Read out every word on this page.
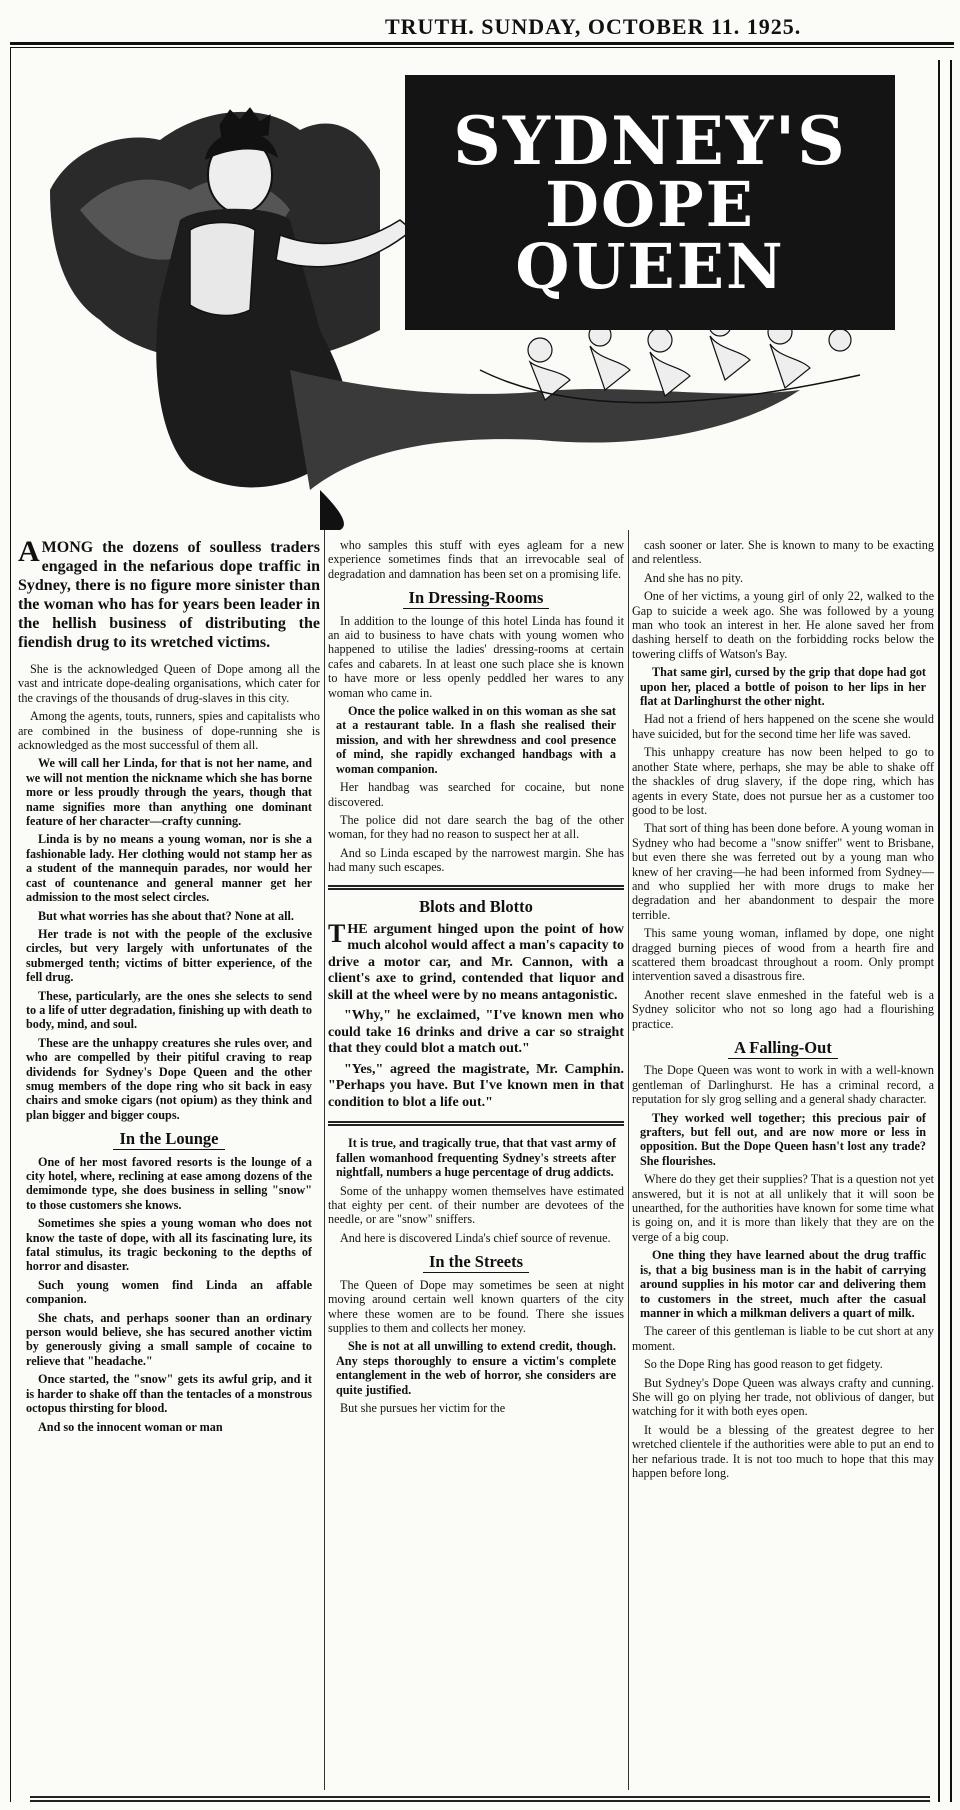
TRUTH. SUNDAY, OCTOBER 11. 1925.
SYDNEY'S
DOPE
QUEEN

AMONG the dozens of soulless traders engaged in the nefarious dope traffic in Sydney, there is no figure more sinister than the woman who has for years been leader in the hellish business of distributing the fiendish drug to its wretched victims.

She is the acknowledged Queen of Dope among all the vast and intricate dope-dealing organisations, which cater for the cravings of the thousands of drug-slaves in this city.

Among the agents, touts, runners, spies and capitalists who are combined in the business of dope-running she is acknowledged as the most successful of them all.

We will call her Linda, for that is not her name, and we will not mention the nickname which she has borne more or less proudly through the years, though that name signifies more than anything one dominant feature of her character—crafty cunning.

Linda is by no means a young woman, nor is she a fashionable lady. Her clothing would not stamp her as a student of the mannequin parades, nor would her cast of countenance and general manner get her admission to the most select circles.

But what worries has she about that? None at all.

Her trade is not with the people of the exclusive circles, but very largely with unfortunates of the submerged tenth; victims of bitter experience, of the fell drug.

These, particularly, are the ones she selects to send to a life of utter degradation, finishing up with death to body, mind, and soul.

These are the unhappy creatures she rules over, and who are compelled by their pitiful craving to reap dividends for Sydney's Dope Queen and the other smug members of the dope ring who sit back in easy chairs and smoke cigars (not opium) as they think and plan bigger and bigger coups.

In the Lounge

One of her most favored resorts is the lounge of a city hotel, where, reclining at ease among dozens of the demimonde type, she does business in selling "snow" to those customers she knows.

Sometimes she spies a young woman who does not know the taste of dope, with all its fascinating lure, its fatal stimulus, its tragic beckoning to the depths of horror and disaster.

Such young women find Linda an affable companion.

She chats, and perhaps sooner than an ordinary person would believe, she has secured another victim by generously giving a small sample of cocaine to relieve that "headache."

Once started, the "snow" gets its awful grip, and it is harder to shake off than the tentacles of a monstrous octopus thirsting for blood.

And so the innocent woman or man

who samples this stuff with eyes agleam for a new experience sometimes finds that an irrevocable seal of degradation and damnation has been set on a promising life.

In Dressing-Rooms

In addition to the lounge of this hotel Linda has found it an aid to business to have chats with young women who happened to utilise the ladies' dressing-rooms at certain cafes and cabarets. In at least one such place she is known to have more or less openly peddled her wares to any woman who came in.

Once the police walked in on this woman as she sat at a restaurant table. In a flash she realised their mission, and with her shrewdness and cool presence of mind, she rapidly exchanged handbags with a woman companion.

Her handbag was searched for cocaine, but none discovered.

The police did not dare search the bag of the other woman, for they had no reason to suspect her at all.

And so Linda escaped by the narrowest margin. She has had many such escapes.

Blots and Blotto

THE argument hinged upon the point of how much alcohol would affect a man's capacity to drive a motor car, and Mr. Cannon, with a client's axe to grind, contended that liquor and skill at the wheel were by no means antagonistic.

"Why," he exclaimed, "I've known men who could take 16 drinks and drive a car so straight that they could blot a match out."

"Yes," agreed the magistrate, Mr. Camphin. "Perhaps you have. But I've known men in that condition to blot a life out."

It is true, and tragically true, that that vast army of fallen womanhood frequenting Sydney's streets after nightfall, numbers a huge percentage of drug addicts.

Some of the unhappy women themselves have estimated that eighty per cent. of their number are devotees of the needle, or are "snow" sniffers.

And here is discovered Linda's chief source of revenue.

In the Streets

The Queen of Dope may sometimes be seen at night moving around certain well known quarters of the city where these women are to be found. There she issues supplies to them and collects her money.

She is not at all unwilling to extend credit, though. Any steps thoroughly to ensure a victim's complete entanglement in the web of horror, she considers are quite justified.

But she pursues her victim for the

cash sooner or later. She is known to many to be exacting and relentless.

And she has no pity.

One of her victims, a young girl of only 22, walked to the Gap to suicide a week ago. She was followed by a young man who took an interest in her. He alone saved her from dashing herself to death on the forbidding rocks below the towering cliffs of Watson's Bay.

That same girl, cursed by the grip that dope had got upon her, placed a bottle of poison to her lips in her flat at Darlinghurst the other night.

Had not a friend of hers happened on the scene she would have suicided, but for the second time her life was saved.

This unhappy creature has now been helped to go to another State where, perhaps, she may be able to shake off the shackles of drug slavery, if the dope ring, which has agents in every State, does not pursue her as a customer too good to be lost.

That sort of thing has been done before. A young woman in Sydney who had become a "snow sniffer" went to Brisbane, but even there she was ferreted out by a young man who knew of her craving—he had been informed from Sydney—and who supplied her with more drugs to make her degradation and her abandonment to despair the more terrible.

This same young woman, inflamed by dope, one night dragged burning pieces of wood from a hearth fire and scattered them broadcast throughout a room. Only prompt intervention saved a disastrous fire.

Another recent slave enmeshed in the fateful web is a Sydney solicitor who not so long ago had a flourishing practice.

A Falling-Out

The Dope Queen was wont to work in with a well-known gentleman of Darlinghurst. He has a criminal record, a reputation for sly grog selling and a general shady character.

They worked well together; this precious pair of grafters, but fell out, and are now more or less in opposition. But the Dope Queen hasn't lost any trade? She flourishes.

Where do they get their supplies? That is a question not yet answered, but it is not at all unlikely that it will soon be unearthed, for the authorities have known for some time what is going on, and it is more than likely that they are on the verge of a big coup.

One thing they have learned about the drug traffic is, that a big business man is in the habit of carrying around supplies in his motor car and delivering them to customers in the street, much after the casual manner in which a milkman delivers a quart of milk.

The career of this gentleman is liable to be cut short at any moment.

So the Dope Ring has good reason to get fidgety.

But Sydney's Dope Queen was always crafty and cunning. She will go on plying her trade, not oblivious of danger, but watching for it with both eyes open.

It would be a blessing of the greatest degree to her wretched clientele if the authorities were able to put an end to her nefarious trade. It is not too much to hope that this may happen before long.
